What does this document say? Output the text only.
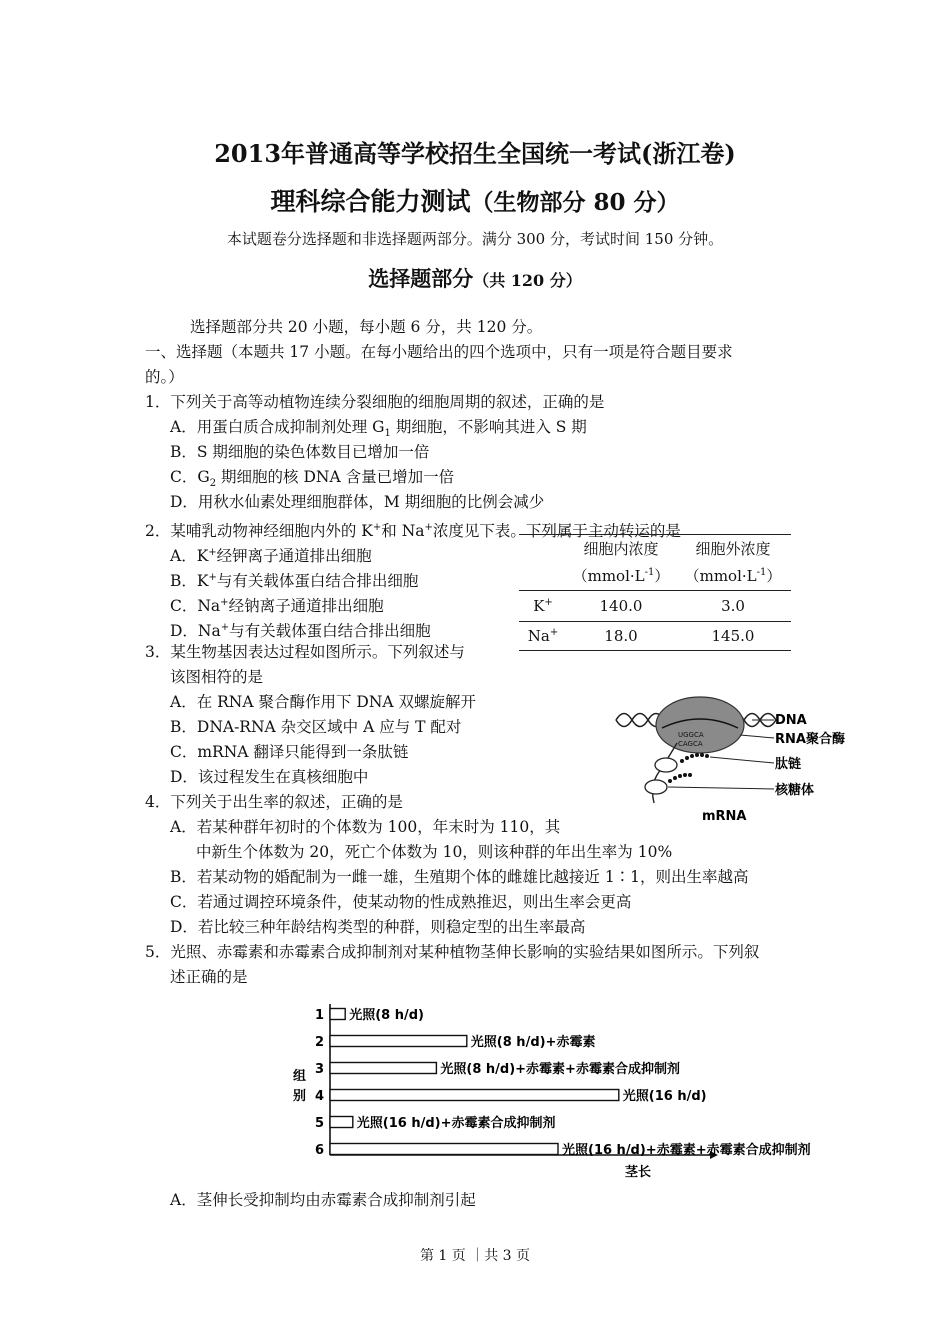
2013年普通高等学校招生全国统一考试(浙江卷)
理科综合能力测试（生物部分 80 分）
本试题卷分选择题和非选择题两部分。满分 300 分，考试时间 150 分钟。
选择题部分（共 120 分）
选择题部分共 20 小题，每小题 6 分，共 120 分。
一、选择题（本题共 17 小题。在每小题给出的四个选项中，只有一项是符合题目要求
的。）
1．下列关于高等动植物连续分裂细胞的细胞周期的叙述，正确的是
A．用蛋白质合成抑制剂处理 $G_1$ 期细胞，不影响其进入 S 期
B．S 期细胞的染色体数目已增加一倍
C．$G_2$ 期细胞的核 DNA 含量已增加一倍
D．用秋水仙素处理细胞群体，M 期细胞的比例会减少
2．某哺乳动物神经细胞内外的 K+和 Na+浓度见下表。下列属于主动转运的是
A．K+经钾离子通道排出细胞
B．K+与有关载体蛋白结合排出细胞
C．Na+经钠离子通道排出细胞
D．Na+与有关载体蛋白结合排出细胞
	细胞内浓度	细胞外浓度
	$(mmol\cdot L^{-1})$	$(mmol\cdot L^{-1})$
K+	140.0	3.0
Na+	18.0	145.0
3．某生物基因表达过程如图所示。下列叙述与
该图相符的是
A．在 RNA 聚合酶作用下 DNA 双螺旋解开
B．DNA-RNA 杂交区域中 A 应与 T 配对
C．mRNA 翻译只能得到一条肽链
D．该过程发生在真核细胞中
UGGCA
CAGCA
DNA
RNA聚合酶
肽链
核糖体
mRNA
4．下列关于出生率的叙述，正确的是
A．若某种群年初时的个体数为 100，年末时为 110，其
中新生个体数为 20，死亡个体数为 10，则该种群的年出生率为 10%
B．若某动物的婚配制为一雌一雄，生殖期个体的雌雄比越接近 1∶1，则出生率越高
C．若通过调控环境条件，使某动物的性成熟推迟，则出生率会更高
D．若比较三种年龄结构类型的种群，则稳定型的出生率最高
5．光照、赤霉素和赤霉素合成抑制剂对某种植物茎伸长影响的实验结果如图所示。下列叙
述正确的是
组别
茎长
1 光照(8 h/d)
2	光照(8 h/d)+赤霉素
3	光照(8 h/d)+赤霉素+赤霉素合成抑制剂
4	光照(16 h/d)
5	光照(16 h/d)+赤霉素合成抑制剂
6	光照(16 h/d)+赤霉素+赤霉素合成抑制剂
A．茎伸长受抑制均由赤霉素合成抑制剂引起
第 1 页 ｜共 3 页
